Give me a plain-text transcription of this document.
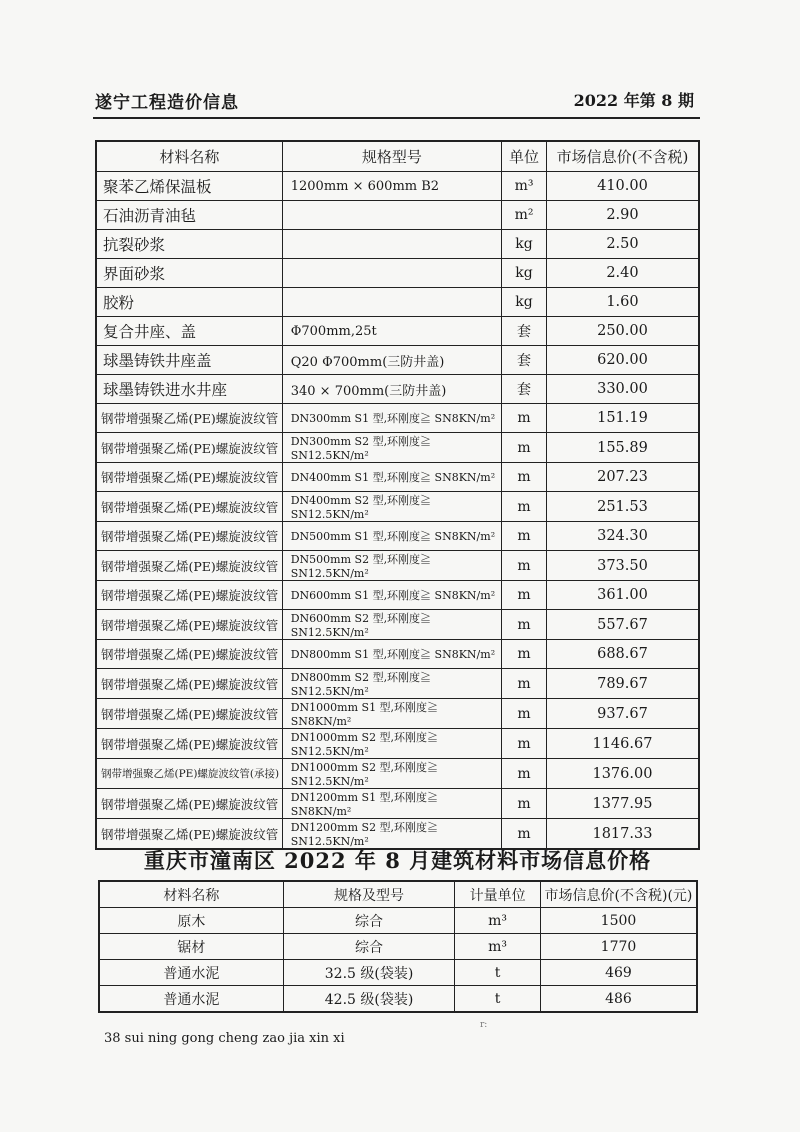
遂宁工程造价信息	2022 年第 8 期
材料名称	规格型号	单位	市场信息价(不含税)
聚苯乙烯保温板	1200mm × 600mm B2	m³	410.00
石油沥青油毡		m²	2.90
抗裂砂浆		kg	2.50
界面砂浆		kg	2.40
胶粉		kg	1.60
复合井座、盖	Φ700mm,25t	套	250.00
球墨铸铁井座盖	Q20 Φ700mm(三防井盖)	套	620.00
球墨铸铁进水井座	340 × 700mm(三防井盖)	套	330.00
钢带增强聚乙烯(PE)螺旋波纹管	DN300mm S1 型,环刚度≧ SN8KN/m²	m	151.19
钢带增强聚乙烯(PE)螺旋波纹管	DN300mm S2 型,环刚度≧ SN12.5KN/m²	m	155.89
钢带增强聚乙烯(PE)螺旋波纹管	DN400mm S1 型,环刚度≧ SN8KN/m²	m	207.23
钢带增强聚乙烯(PE)螺旋波纹管	DN400mm S2 型,环刚度≧ SN12.5KN/m²	m	251.53
钢带增强聚乙烯(PE)螺旋波纹管	DN500mm S1 型,环刚度≧ SN8KN/m²	m	324.30
钢带增强聚乙烯(PE)螺旋波纹管	DN500mm S2 型,环刚度≧ SN12.5KN/m²	m	373.50
钢带增强聚乙烯(PE)螺旋波纹管	DN600mm S1 型,环刚度≧ SN8KN/m²	m	361.00
钢带增强聚乙烯(PE)螺旋波纹管	DN600mm S2 型,环刚度≧ SN12.5KN/m²	m	557.67
钢带增强聚乙烯(PE)螺旋波纹管	DN800mm S1 型,环刚度≧ SN8KN/m²	m	688.67
钢带增强聚乙烯(PE)螺旋波纹管	DN800mm S2 型,环刚度≧ SN12.5KN/m²	m	789.67
钢带增强聚乙烯(PE)螺旋波纹管	DN1000mm S1 型,环刚度≧ SN8KN/m²	m	937.67
钢带增强聚乙烯(PE)螺旋波纹管	DN1000mm S2 型,环刚度≧ SN12.5KN/m²	m	1146.67
钢带增强聚乙烯(PE)螺旋波纹管(承接)	DN1000mm S2 型,环刚度≧ SN12.5KN/m²	m	1376.00
钢带增强聚乙烯(PE)螺旋波纹管	DN1200mm S1 型,环刚度≧ SN8KN/m²	m	1377.95
钢带增强聚乙烯(PE)螺旋波纹管	DN1200mm S2 型,环刚度≧ SN12.5KN/m²	m	1817.33
重庆市潼南区 2022 年 8 月建筑材料市场信息价格
材料名称	规格及型号	计量单位	市场信息价(不含税)(元)
原木	综合	m³	1500
锯材	综合	m³	1770
普通水泥	32.5 级(袋装)	t	469
普通水泥	42.5 级(袋装)	t	486
38 sui ning gong cheng zao jia xin xi
r:
